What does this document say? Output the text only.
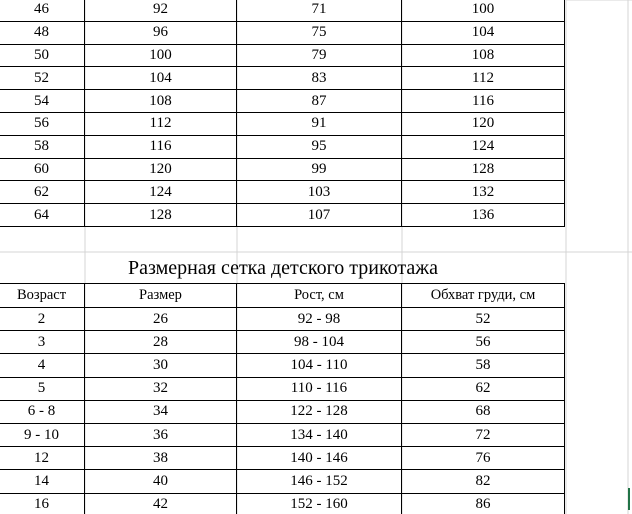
46	92	71	100
48	96	75	104
50	100	79	108
52	104	83	112
54	108	87	116
56	112	91	120
58	116	95	124
60	120	99	128
62	124	103	132
64	128	107	136
Размерная сетка детского трикотажа
Возраст	Размер	Рост, см	Обхват груди, см
2	26	92 - 98	52
3	28	98 - 104	56
4	30	104 - 110	58
5	32	110 - 116	62
6 - 8	34	122 - 128	68
9 - 10	36	134 - 140	72
12	38	140 - 146	76
14	40	146 - 152	82
16	42	152 - 160	86
